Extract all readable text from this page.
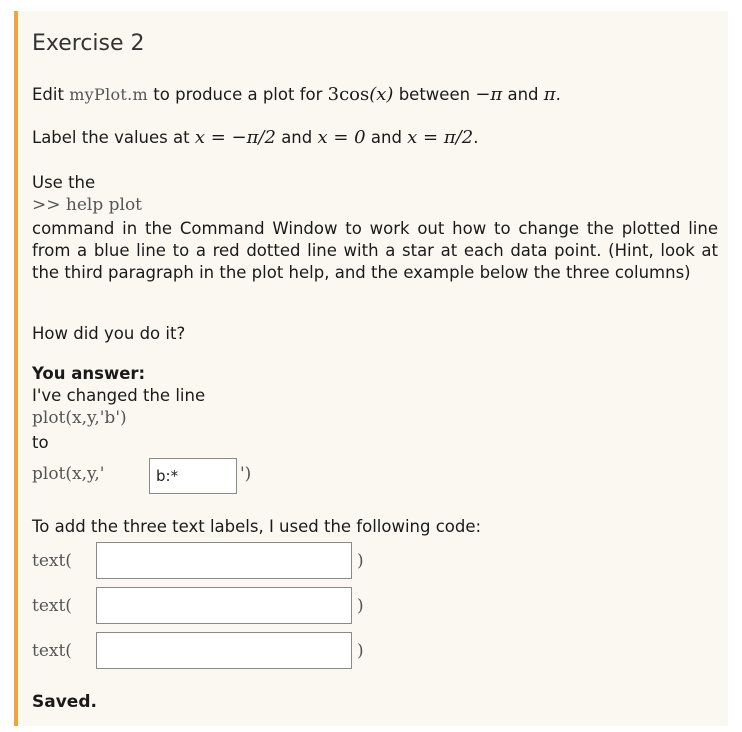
Exercise 2
Edit myPlot.m to produce a plot for 3cos(x) between −π and π.
Label the values at x = −π/2 and x = 0 and x = π/2.
Use the
>> help plot
command in the Command Window to work out how to change the plotted line from a blue line to a red dotted line with a star at each data point. (Hint, look at the third paragraph in the plot help, and the example below the three columns)
How did you do it?
You answer:
I've changed the line
plot(x,y,'b')
to
plot(x,y,'	b:*	')
To add the three text labels, I used the following code:
text(	)
text(	)
text(	)
Saved.
